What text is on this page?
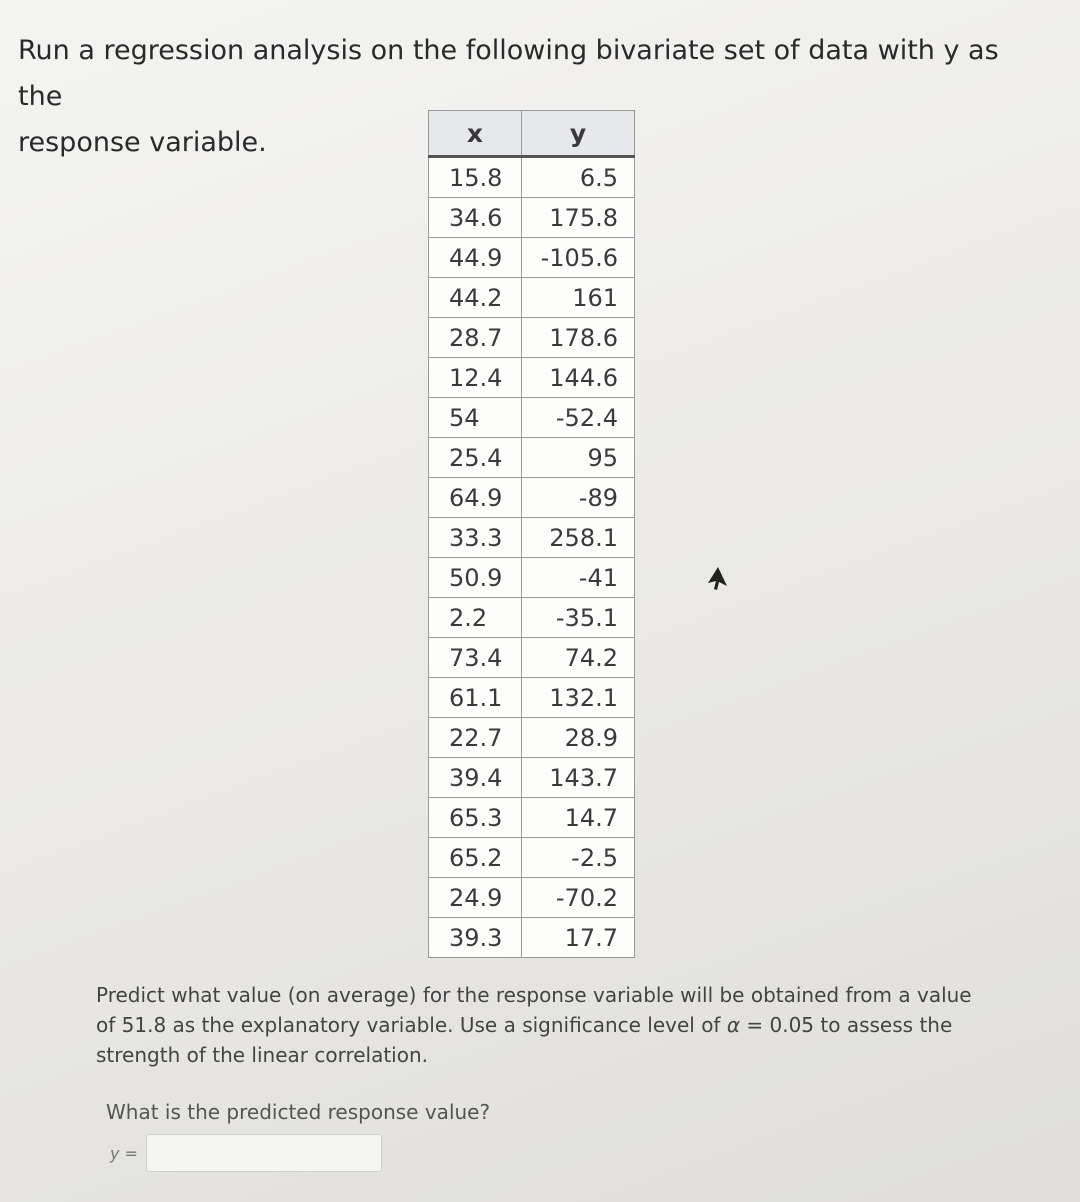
Run a regression analysis on the following bivariate set of data with y as the
response variable.	x	y
15.8	6.5
34.6	175.8
44.9	-105.6
44.2	161
28.7	178.6
12.4	144.6
54	-52.4
25.4	95
64.9	-89
33.3	258.1
50.9	-41
2.2	-35.1
73.4	74.2
61.1	132.1
22.7	28.9
39.4	143.7
65.3	14.7
65.2	-2.5
24.9	-70.2
39.3	17.7
Predict what value (on average) for the response variable will be obtained from a value of 51.8 as the explanatory variable. Use a significance level of α = 0.05 to assess the strength of the linear correlation.
What is the predicted response value?
y =
